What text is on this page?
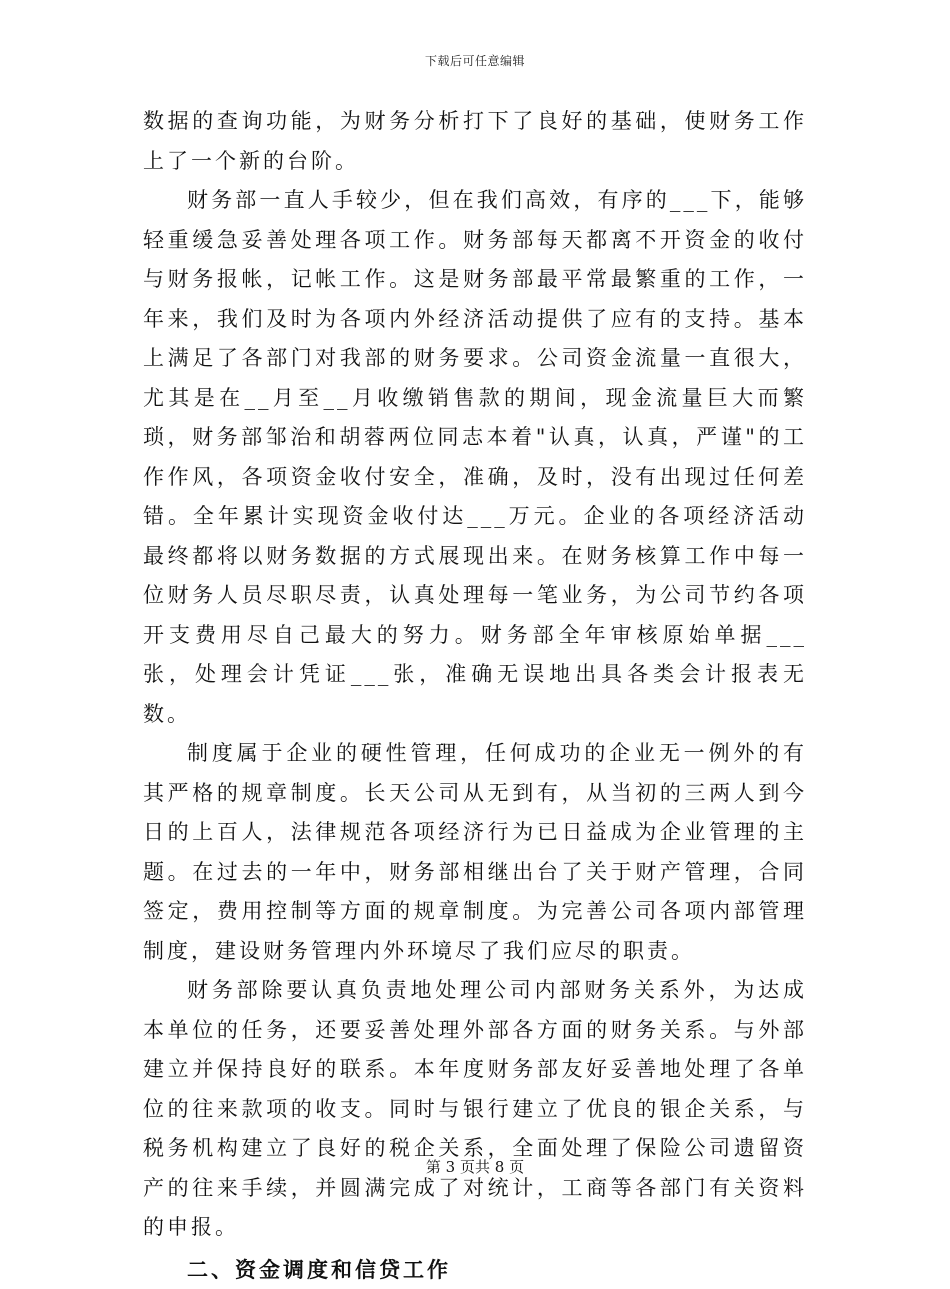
下载后可任意编辑

数据的查询功能，为财务分析打下了良好的基础，使财务工作上了一个新的台阶。

财务部一直人手较少，但在我们高效，有序的___下，能够轻重缓急妥善处理各项工作。财务部每天都离不开资金的收付与财务报帐，记帐工作。这是财务部最平常最繁重的工作，一年来，我们及时为各项内外经济活动提供了应有的支持。基本上满足了各部门对我部的财务要求。公司资金流量一直很大，尤其是在__月至__月收缴销售款的期间，现金流量巨大而繁琐，财务部邹治和胡蓉两位同志本着"认真，认真，严谨"的工作作风，各项资金收付安全，准确，及时，没有出现过任何差错。全年累计实现资金收付达___万元。企业的各项经济活动最终都将以财务数据的方式展现出来。在财务核算工作中每一位财务人员尽职尽责，认真处理每一笔业务，为公司节约各项开支费用尽自己最大的努力。财务部全年审核原始单据___张，处理会计凭证___张，准确无误地出具各类会计报表无数。

制度属于企业的硬性管理，任何成功的企业无一例外的有其严格的规章制度。长天公司从无到有，从当初的三两人到今日的上百人，法律规范各项经济行为已日益成为企业管理的主题。在过去的一年中，财务部相继出台了关于财产管理，合同签定，费用控制等方面的规章制度。为完善公司各项内部管理制度，建设财务管理内外环境尽了我们应尽的职责。

财务部除要认真负责地处理公司内部财务关系外，为达成本单位的任务，还要妥善处理外部各方面的财务关系。与外部建立并保持良好的联系。本年度财务部友好妥善地处理了各单位的往来款项的收支。同时与银行建立了优良的银企关系，与税务机构建立了良好的税企关系，全面处理了保险公司遗留资产的往来手续，并圆满完成了对统计，工商等各部门有关资料的申报。

二、资金调度和信贷工作

第 3 页共 8 页
